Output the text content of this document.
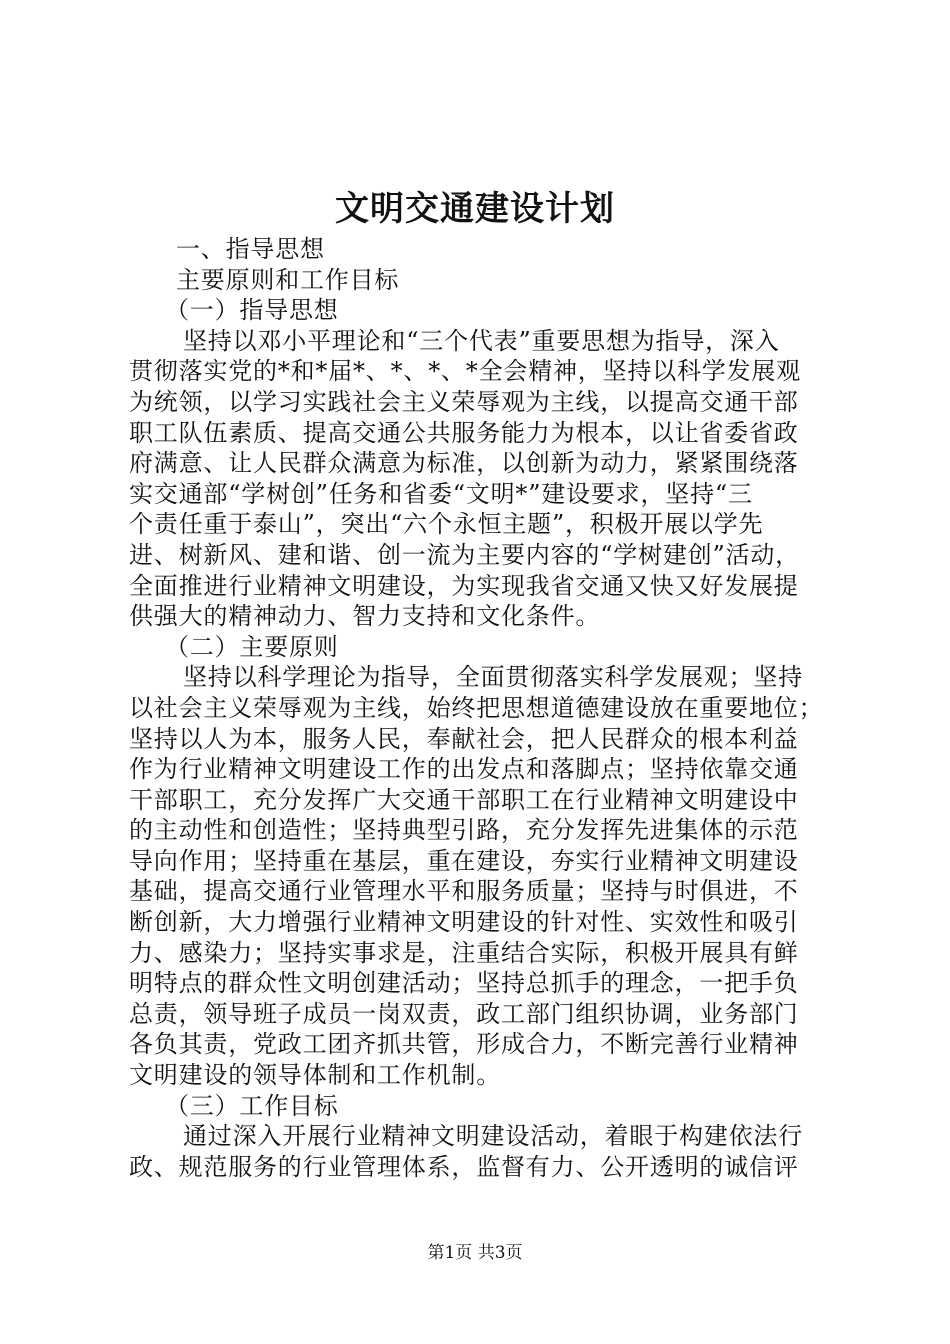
文明交通建设计划
一、指导思想
主要原则和工作目标
（一）指导思想
坚持以邓小平理论和“三个代表”重要思想为指导，深入
贯彻落实党的*和*届*、*、*、*全会精神，坚持以科学发展观
为统领，以学习实践社会主义荣辱观为主线，以提高交通干部
职工队伍素质、提高交通公共服务能力为根本，以让省委省政
府满意、让人民群众满意为标准，以创新为动力，紧紧围绕落
实交通部“学树创”任务和省委“文明*”建设要求，坚持“三
个责任重于泰山”，突出“六个永恒主题”，积极开展以学先
进、树新风、建和谐、创一流为主要内容的“学树建创”活动，
全面推进行业精神文明建设，为实现我省交通又快又好发展提
供强大的精神动力、智力支持和文化条件。
（二）主要原则
坚持以科学理论为指导，全面贯彻落实科学发展观；坚持
以社会主义荣辱观为主线，始终把思想道德建设放在重要地位；
坚持以人为本，服务人民，奉献社会，把人民群众的根本利益
作为行业精神文明建设工作的出发点和落脚点；坚持依靠交通
干部职工，充分发挥广大交通干部职工在行业精神文明建设中
的主动性和创造性；坚持典型引路，充分发挥先进集体的示范
导向作用；坚持重在基层，重在建设，夯实行业精神文明建设
基础，提高交通行业管理水平和服务质量；坚持与时俱进，不
断创新，大力增强行业精神文明建设的针对性、实效性和吸引
力、感染力；坚持实事求是，注重结合实际，积极开展具有鲜
明特点的群众性文明创建活动；坚持总抓手的理念，一把手负
总责，领导班子成员一岗双责，政工部门组织协调，业务部门
各负其责，党政工团齐抓共管，形成合力，不断完善行业精神
文明建设的领导体制和工作机制。
（三）工作目标
通过深入开展行业精神文明建设活动，着眼于构建依法行
政、规范服务的行业管理体系，监督有力、公开透明的诚信评
第1页 共3页
